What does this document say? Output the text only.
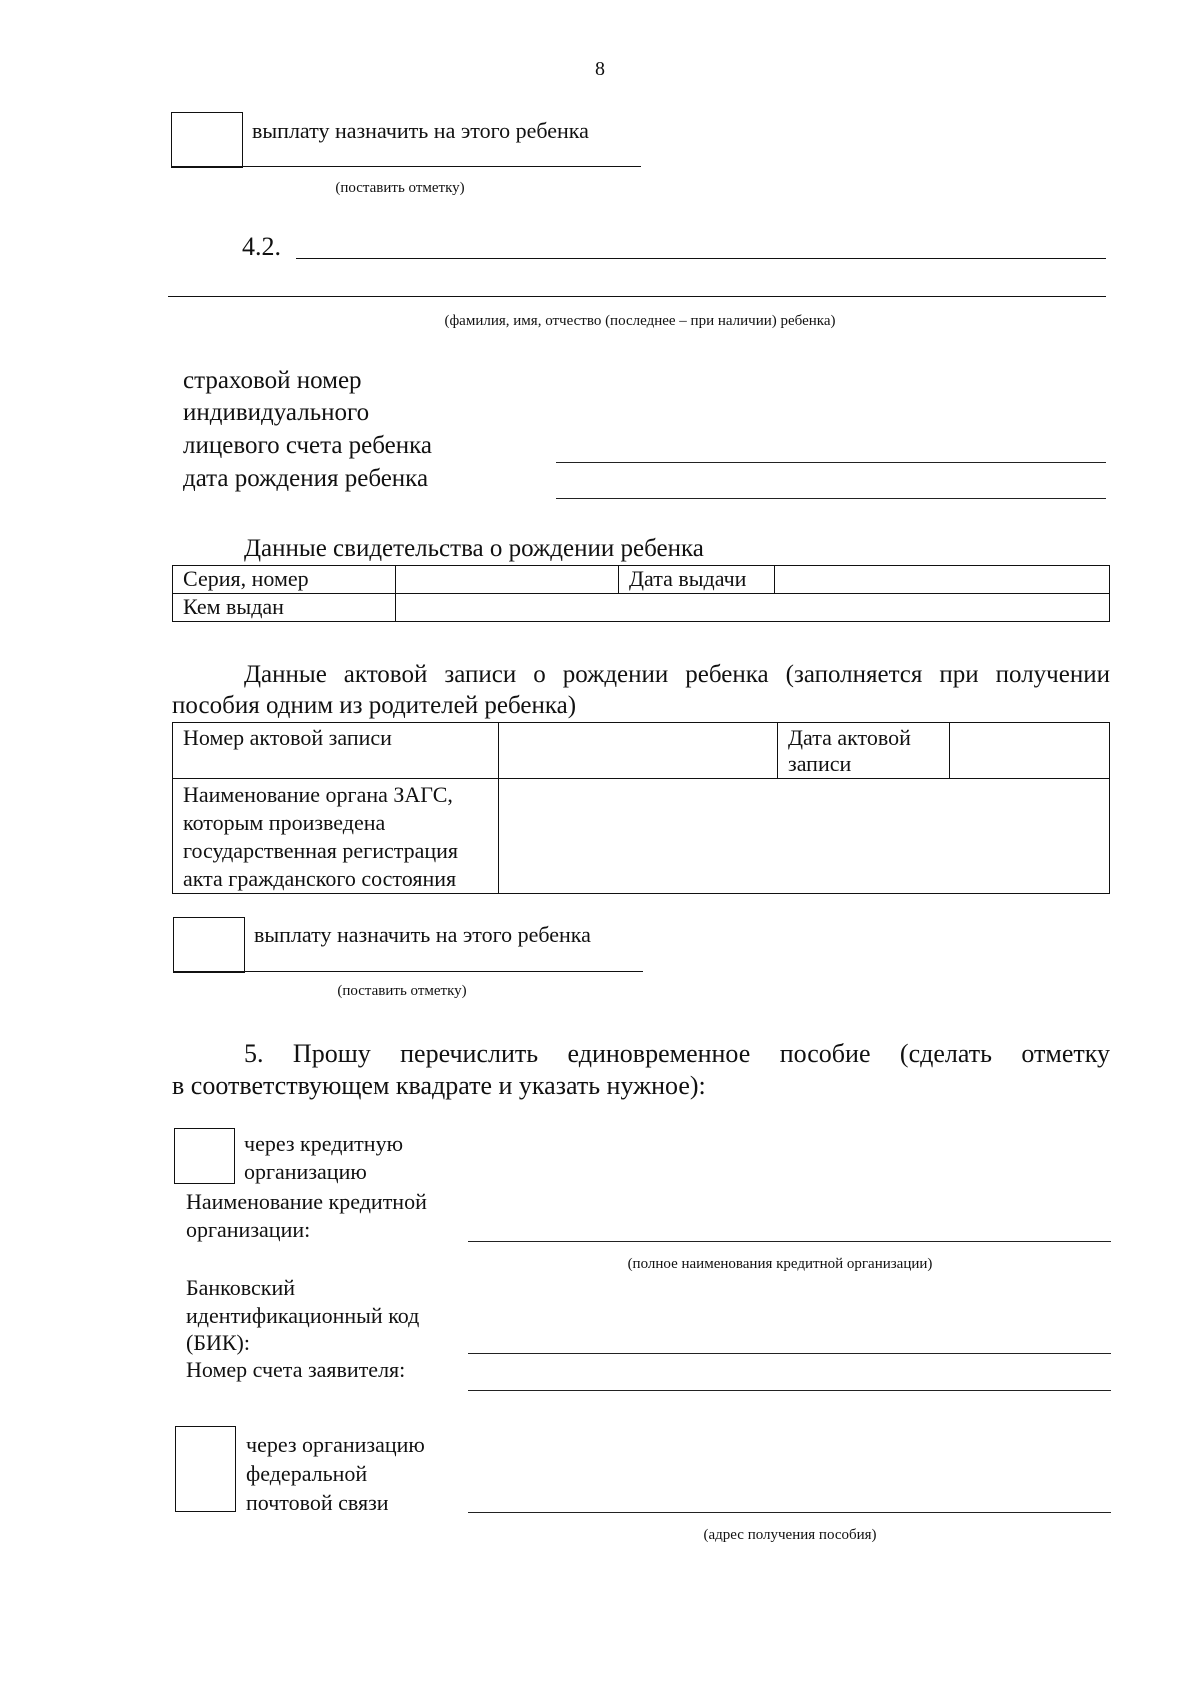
8
выплату назначить на этого ребенка
(поставить отметку)
4.2.
(фамилия, имя, отчество (последнее – при наличии) ребенка)
страховой номер
индивидуального
лицевого счета ребенка
дата рождения ребенка
Данные свидетельства о рождении ребенка
Серия, номер		Дата выдачи	
Кем выдан			
Данные актовой записи о рождении ребенка (заполняется при получении
пособия одним из родителей ребенка)
Номер актовой записи		Дата актовой
записи	

Наименование органа ЗАГС,
которым произведена
государственная регистрация
акта гражданского состояния			

выплату назначить на этого ребенка
(поставить отметку)
5. Прошу перечислить единовременное пособие (сделать отметку
в соответствующем квадрате и указать нужное):
через кредитную
организацию
Наименование кредитной
организации:
(полное наименования кредитной организации)
Банковский
идентификационный код
(БИК):
Номер счета заявителя:
через организацию
федеральной
почтовой связи
(адрес получения пособия)
